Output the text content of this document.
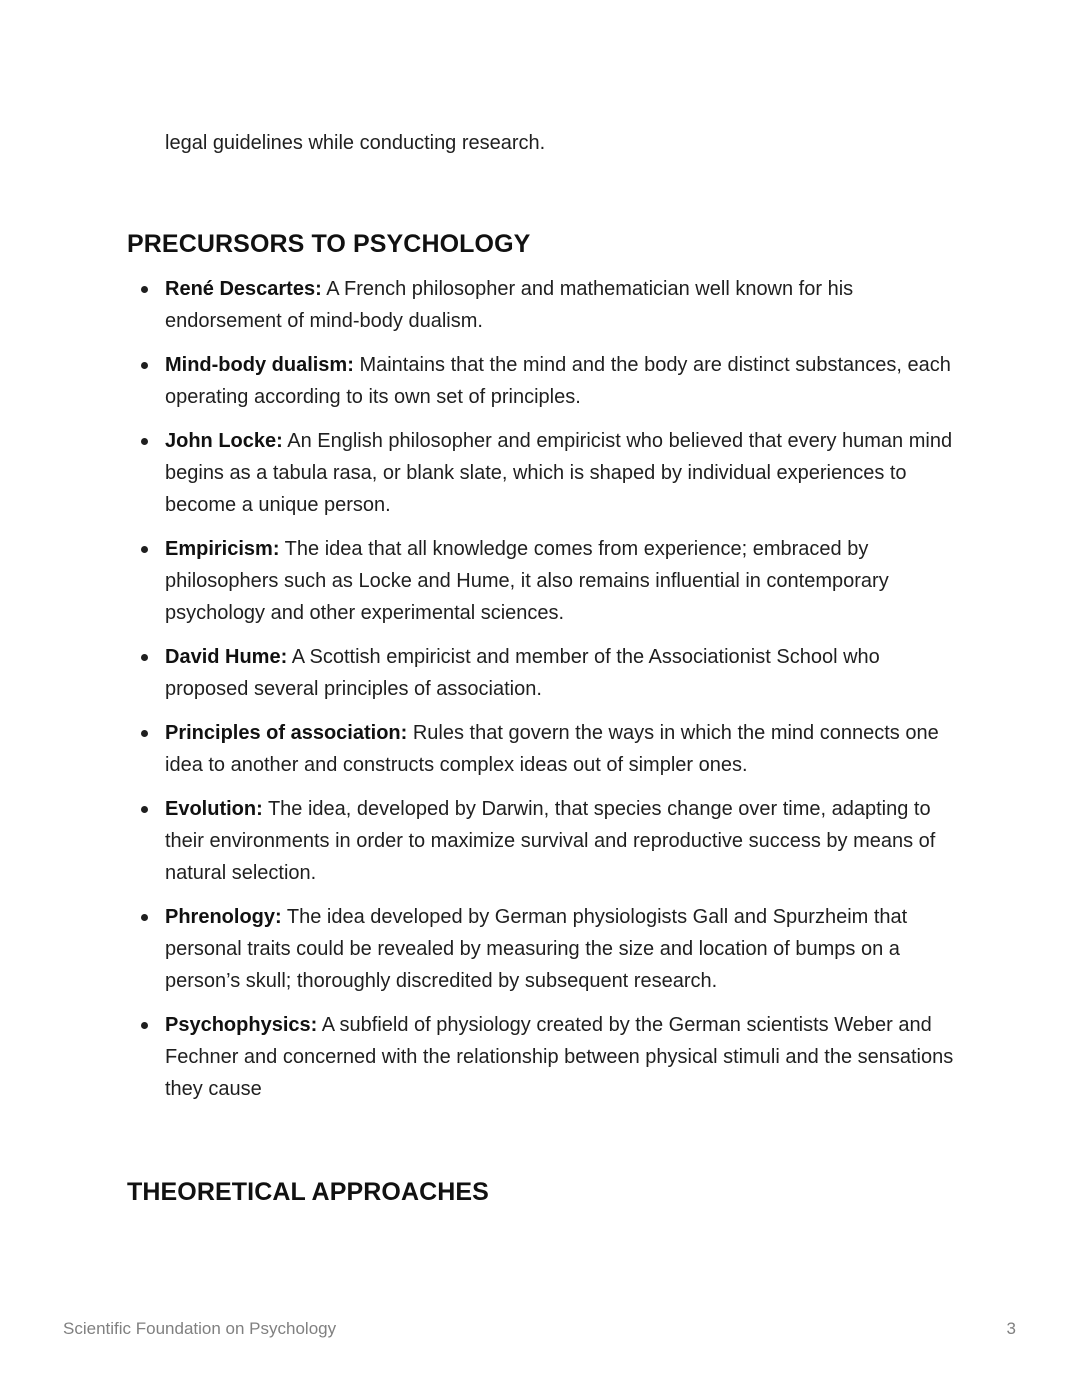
legal guidelines while conducting research.

PRECURSORS TO PSYCHOLOGY
René Descartes: A French philosopher and mathematician well known for his endorsement of mind-body dualism.
Mind-body dualism: Maintains that the mind and the body are distinct substances, each operating according to its own set of principles.
John Locke: An English philosopher and empiricist who believed that every human mind begins as a tabula rasa, or blank slate, which is shaped by individual experiences to become a unique person.
Empiricism: The idea that all knowledge comes from experience; embraced by philosophers such as Locke and Hume, it also remains influential in contemporary psychology and other experimental sciences.
David Hume: A Scottish empiricist and member of the Associationist School who proposed several principles of association.
Principles of association: Rules that govern the ways in which the mind connects one idea to another and constructs complex ideas out of simpler ones.
Evolution: The idea, developed by Darwin, that species change over time, adapting to their environments in order to maximize survival and reproductive success by means of natural selection.
Phrenology: The idea developed by German physiologists Gall and Spurzheim that personal traits could be revealed by measuring the size and location of bumps on a person’s skull; thoroughly discredited by subsequent research.
Psychophysics: A subfield of physiology created by the German scientists Weber and Fechner and concerned with the relationship between physical stimuli and the sensations they cause
THEORETICAL APPROACHES
Scientific Foundation on Psychology	3
